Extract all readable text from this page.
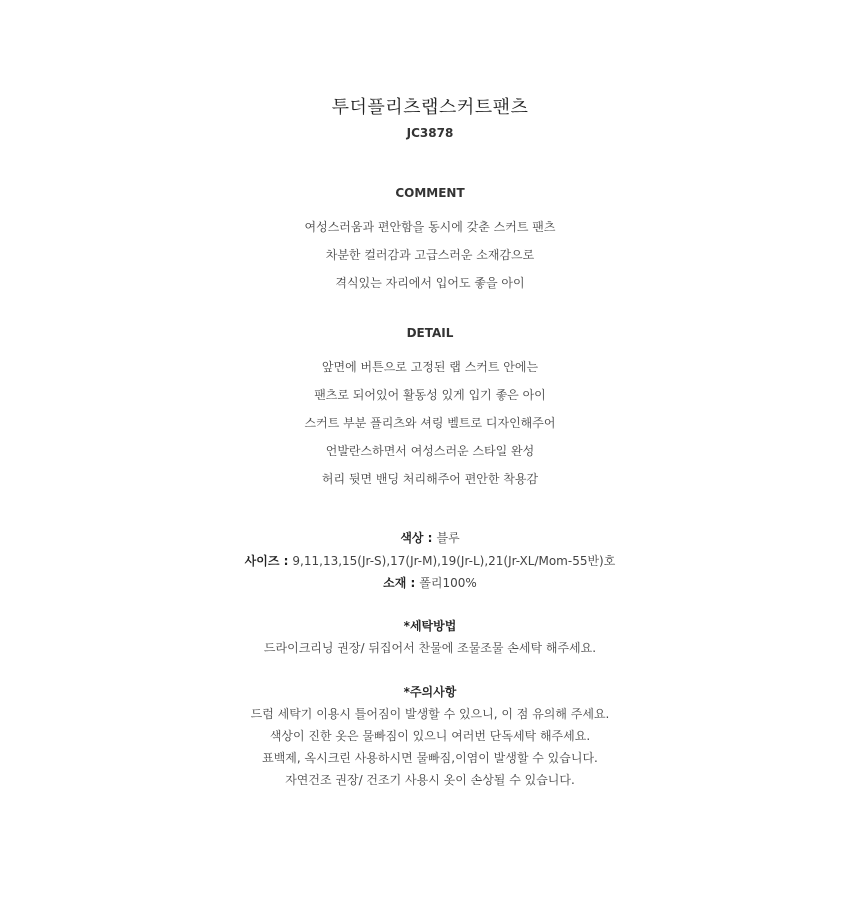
투더플리츠랩스커트팬츠
JC3878
COMMENT
여성스러움과 편안함을 동시에 갖춘 스커트 팬츠
차분한 컬러감과 고급스러운 소재감으로
격식있는 자리에서 입어도 좋을 아이
DETAIL
앞면에 버튼으로 고정된 랩 스커트 안에는
팬츠로 되어있어 활동성 있게 입기 좋은 아이
스커트 부분 플리츠와 셔링 벨트로 디자인해주어
언발란스하면서 여성스러운 스타일 완성
허리 뒷면 밴딩 처리해주어 편안한 착용감
색상 : 블루
사이즈 : 9,11,13,15(Jr-S),17(Jr-M),19(Jr-L),21(Jr-XL/Mom-55반)호
소재 : 폴리100%
*세탁방법
드라이크리닝 권장/ 뒤집어서 찬물에 조물조물 손세탁 해주세요.
*주의사항
드럼 세탁기 이용시 틀어짐이 발생할 수 있으니, 이 점 유의해 주세요.
색상이 진한 옷은 물빠짐이 있으니 여러번 단독세탁 해주세요.
표백제, 옥시크린 사용하시면 물빠짐,이염이 발생할 수 있습니다.
자연건조 권장/ 건조기 사용시 옷이 손상될 수 있습니다.
